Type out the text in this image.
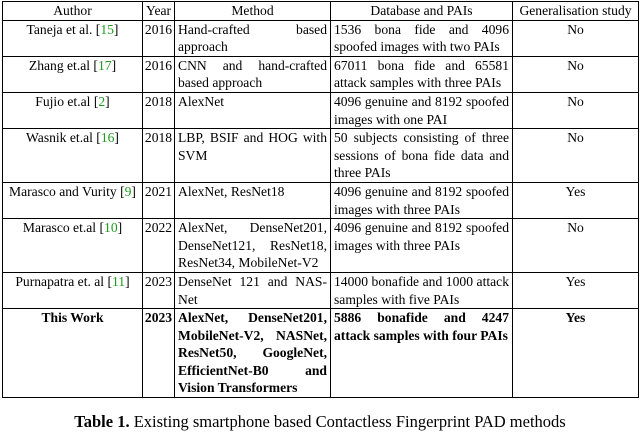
Author	Year	Method	Database and PAIs	Generalisation study
Taneja et al. [15]	2016	Hand-crafted based approach	1536 bona fide and 4096 spoofed images with two PAIs	No
Zhang et.al [17]	2016	CNN and hand-crafted based approach	67011 bona fide and 65581 attack samples with three PAIs	No
Fujio et.al [2]	2018	AlexNet	4096 genuine and 8192 spoofed images with one PAI	No
Wasnik et.al [16]	2018	LBP, BSIF and HOG with SVM	50 subjects consisting of three sessions of bona fide data and three PAIs	No
Marasco and Vurity [9]	2021	AlexNet, ResNet18	4096 genuine and 8192 spoofed images with three PAIs	Yes
Marasco et.al [10]	2022	AlexNet, DenseNet201, DenseNet121, ResNet18, ResNet34, MobileNet-V2	4096 genuine and 8192 spoofed images with three PAIs	No
Purnapatra et. al [11]	2023	DenseNet 121 and NAS-Net	14000 bonafide and 1000 attack samples with five PAIs	Yes
This Work	2023	AlexNet, DenseNet201, MobileNet-V2, NASNet, ResNet50, GoogleNet, EfficientNet-B0 and Vision Transformers	5886 bonafide and 4247 attack samples with four PAIs	Yes
Table 1. Existing smartphone based Contactless Fingerprint PAD methods
